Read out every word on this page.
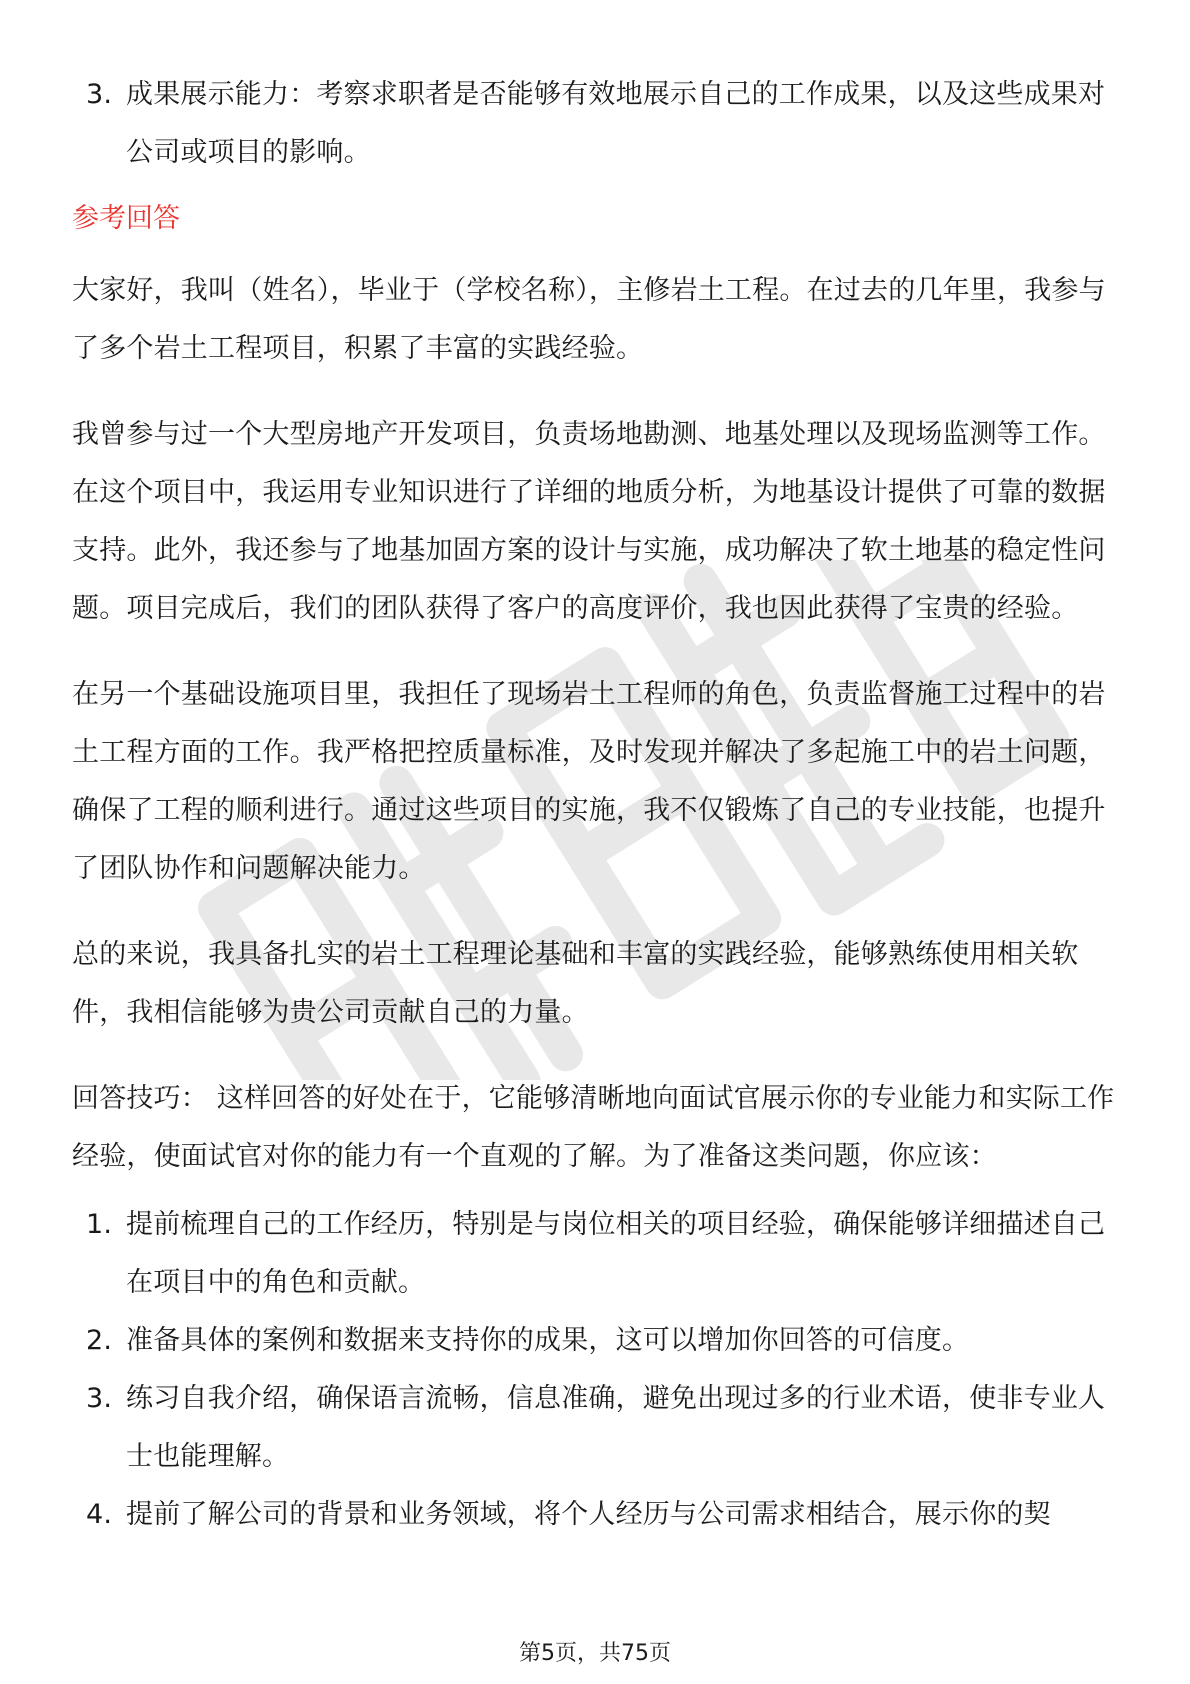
3. 成果展示能力：考察求职者是否能够有效地展示自己的工作成果，以及这些成果对公司或项目的影响。
参考回答

大家好，我叫（姓名），毕业于（学校名称），主修岩土工程。在过去的几年里，我参与了多个岩土工程项目，积累了丰富的实践经验。

我曾参与过一个大型房地产开发项目，负责场地勘测、地基处理以及现场监测等工作。在这个项目中，我运用专业知识进行了详细的地质分析，为地基设计提供了可靠的数据支持。此外，我还参与了地基加固方案的设计与实施，成功解决了软土地基的稳定性问题。项目完成后，我们的团队获得了客户的高度评价，我也因此获得了宝贵的经验。

在另一个基础设施项目里，我担任了现场岩土工程师的角色，负责监督施工过程中的岩土工程方面的工作。我严格把控质量标准，及时发现并解决了多起施工中的岩土问题，确保了工程的顺利进行。通过这些项目的实施，我不仅锻炼了自己的专业技能，也提升了团队协作和问题解决能力。

总的来说，我具备扎实的岩土工程理论基础和丰富的实践经验，能够熟练使用相关软件，我相信能够为贵公司贡献自己的力量。

回答技巧： 这样回答的好处在于，它能够清晰地向面试官展示你的专业能力和实际工作经验，使面试官对你的能力有一个直观的了解。为了准备这类问题，你应该：

1. 提前梳理自己的工作经历，特别是与岗位相关的项目经验，确保能够详细描述自己在项目中的角色和贡献。
2. 准备具体的案例和数据来支持你的成果，这可以增加你回答的可信度。
3. 练习自我介绍，确保语言流畅，信息准确，避免出现过多的行业术语，使非专业人士也能理解。
4. 提前了解公司的背景和业务领域，将个人经历与公司需求相结合，展示你的契
第5页，共75页
